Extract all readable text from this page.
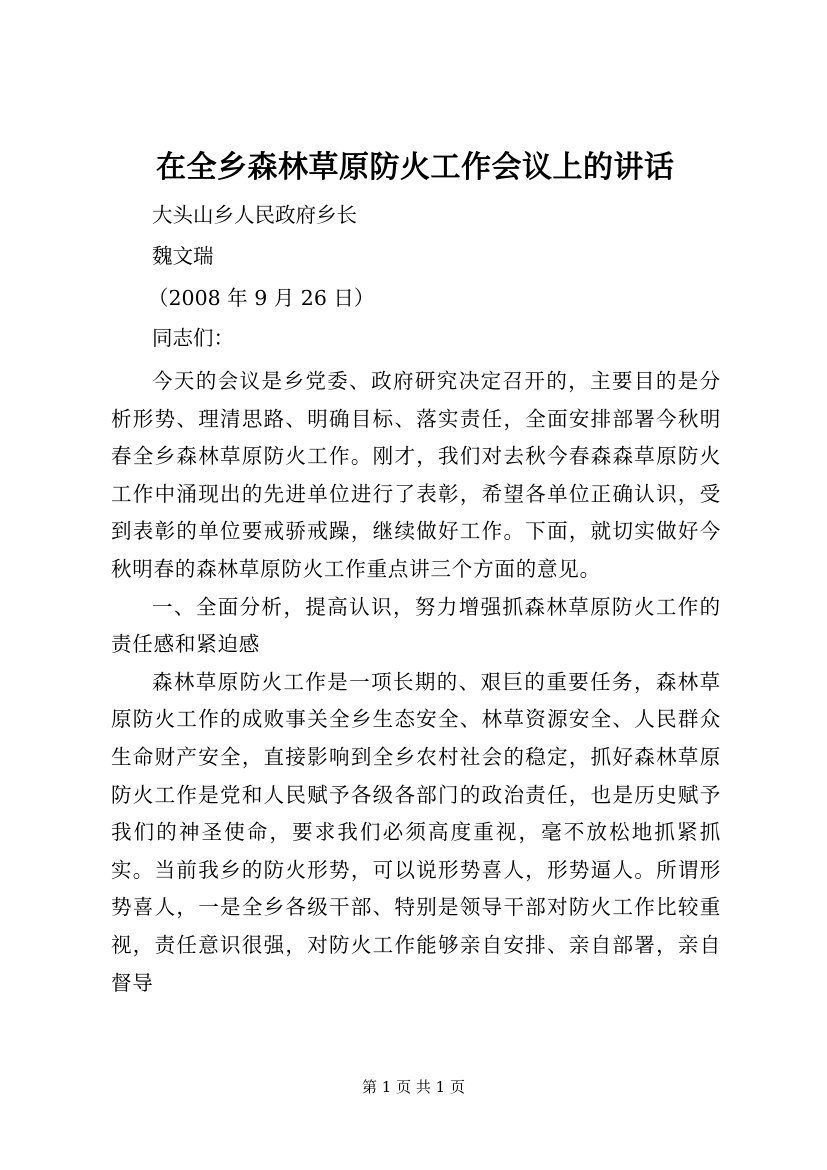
在全乡森林草原防火工作会议上的讲话
大头山乡人民政府乡长
魏文瑞
（2008 年 9 月 26 日）
同志们：

今天的会议是乡党委、政府研究决定召开的，主要目的是分析形势、理清思路、明确目标、落实责任，全面安排部署今秋明春全乡森林草原防火工作。刚才，我们对去秋今春森森草原防火工作中涌现出的先进单位进行了表彰，希望各单位正确认识，受到表彰的单位要戒骄戒躁，继续做好工作。下面，就切实做好今秋明春的森林草原防火工作重点讲三个方面的意见。

一、全面分析，提高认识，努力增强抓森林草原防火工作的责任感和紧迫感

森林草原防火工作是一项长期的、艰巨的重要任务，森林草原防火工作的成败事关全乡生态安全、林草资源安全、人民群众生命财产安全，直接影响到全乡农村社会的稳定，抓好森林草原防火工作是党和人民赋予各级各部门的政治责任，也是历史赋予我们的神圣使命，要求我们必须高度重视，毫不放松地抓紧抓实。当前我乡的防火形势，可以说形势喜人，形势逼人。所谓形势喜人，一是全乡各级干部、特别是领导干部对防火工作比较重视，责任意识很强，对防火工作能够亲自安排、亲自部署，亲自督导

第 1 页 共 1 页
